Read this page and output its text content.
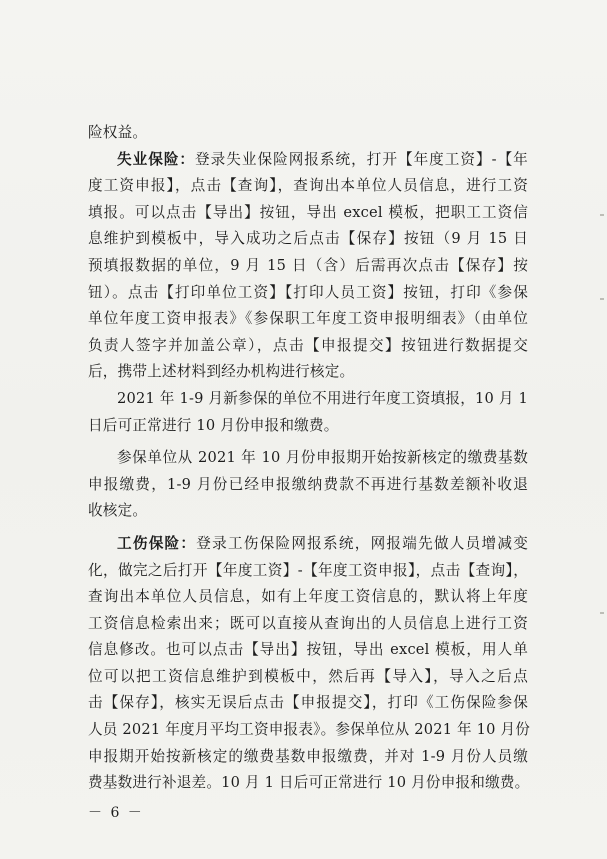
险权益。
失业保险：登录失业保险网报系统，打开【年度工资】-【年
度工资申报】，点击【查询】，查询出本单位人员信息，进行工资
填报。可以点击【导出】按钮，导出 excel 模板，把职工工资信
息维护到模板中，导入成功之后点击【保存】按钮（9 月 15 日
预填报数据的单位，9 月 15 日（含）后需再次点击【保存】按
钮）。点击【打印单位工资】【打印人员工资】按钮，打印《参保
单位年度工资申报表》《参保职工年度工资申报明细表》（由单位
负责人签字并加盖公章），点击【申报提交】按钮进行数据提交
后，携带上述材料到经办机构进行核定。
2021 年 1-9 月新参保的单位不用进行年度工资填报，10 月 1
日后可正常进行 10 月份申报和缴费。
参保单位从 2021 年 10 月份申报期开始按新核定的缴费基数
申报缴费，1-9 月份已经申报缴纳费款不再进行基数差额补收退
收核定。
工伤保险：登录工伤保险网报系统，网报端先做人员增减变
化，做完之后打开【年度工资】-【年度工资申报】，点击【查询】，
查询出本单位人员信息，如有上年度工资信息的，默认将上年度
工资信息检索出来；既可以直接从查询出的人员信息上进行工资
信息修改。也可以点击【导出】按钮，导出 excel 模板，用人单
位可以把工资信息维护到模板中，然后再【导入】，导入之后点
击【保存】，核实无误后点击【申报提交】，打印《工伤保险参保
人员 2021 年度月平均工资申报表》。参保单位从 2021 年 10 月份
申报期开始按新核定的缴费基数申报缴费，并对 1-9 月份人员缴
费基数进行补退差。10 月 1 日后可正常进行 10 月份申报和缴费。
－ 6 －
